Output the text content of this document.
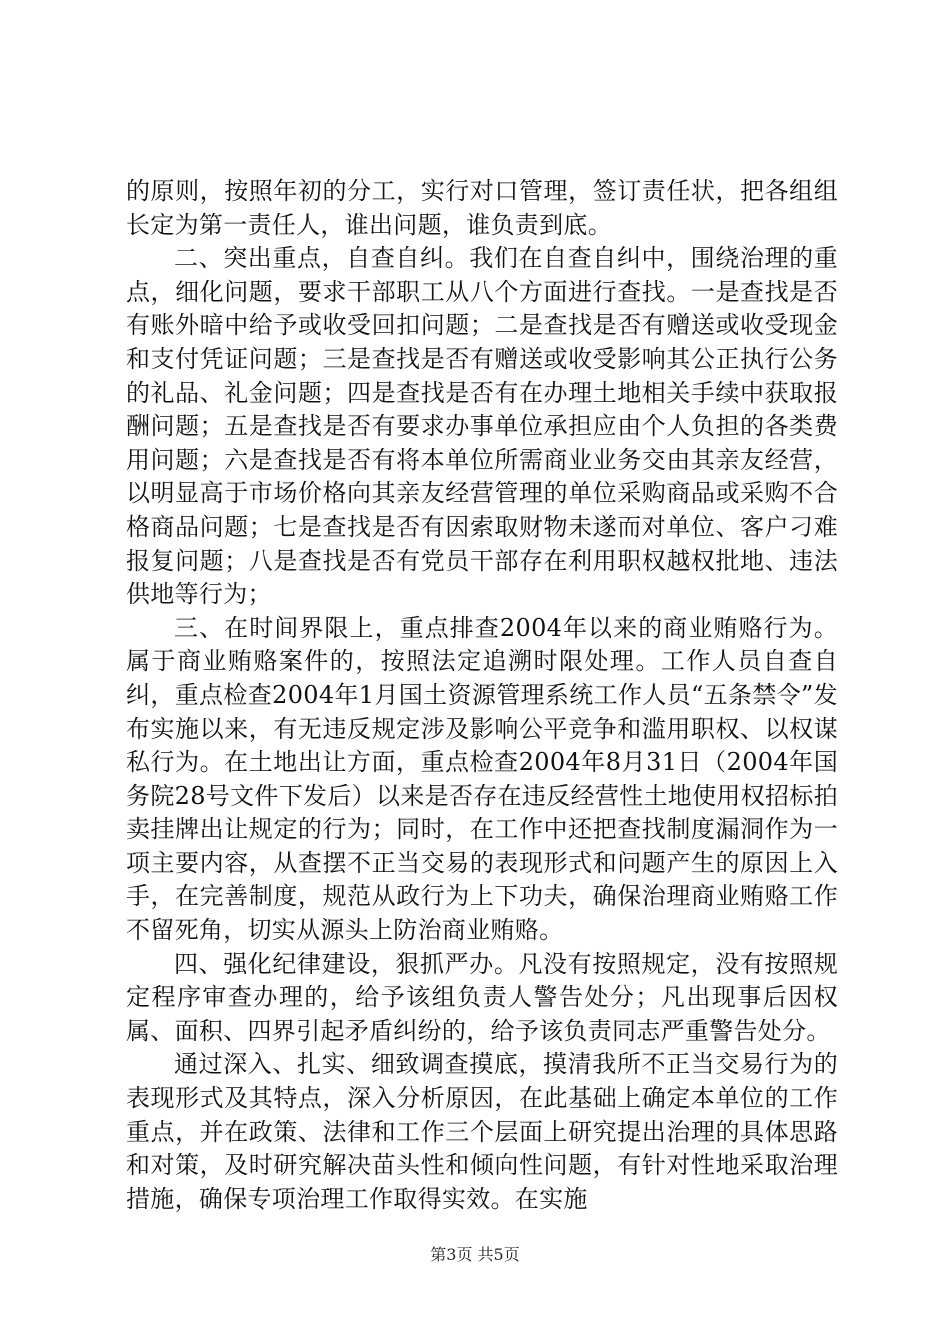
的原则，按照年初的分工，实行对口管理，签订责任状，把各组组长定为第一责任人，谁出问题，谁负责到底。

二、突出重点，自查自纠。我们在自查自纠中，围绕治理的重点，细化问题，要求干部职工从八个方面进行查找。一是查找是否有账外暗中给予或收受回扣问题；二是查找是否有赠送或收受现金和支付凭证问题；三是查找是否有赠送或收受影响其公正执行公务的礼品、礼金问题；四是查找是否有在办理土地相关手续中获取报酬问题；五是查找是否有要求办事单位承担应由个人负担的各类费用问题；六是查找是否有将本单位所需商业业务交由其亲友经营，以明显高于市场价格向其亲友经营管理的单位采购商品或采购不合格商品问题；七是查找是否有因索取财物未遂而对单位、客户刁难报复问题；八是查找是否有党员干部存在利用职权越权批地、违法供地等行为；

三、在时间界限上，重点排查2004年以来的商业贿赂行为。属于商业贿赂案件的，按照法定追溯时限处理。工作人员自查自纠，重点检查2004年1月国土资源管理系统工作人员“五条禁令”发布实施以来，有无违反规定涉及影响公平竞争和滥用职权、以权谋私行为。在土地出让方面，重点检查2004年8月31日（2004年国务院28号文件下发后）以来是否存在违反经营性土地使用权招标拍卖挂牌出让规定的行为；同时，在工作中还把查找制度漏洞作为一项主要内容，从查摆不正当交易的表现形式和问题产生的原因上入手，在完善制度，规范从政行为上下功夫，确保治理商业贿赂工作不留死角，切实从源头上防治商业贿赂。

四、强化纪律建设，狠抓严办。凡没有按照规定，没有按照规定程序审查办理的，给予该组负责人警告处分；凡出现事后因权属、面积、四界引起矛盾纠纷的，给予该负责同志严重警告处分。

通过深入、扎实、细致调查摸底，摸清我所不正当交易行为的表现形式及其特点，深入分析原因，在此基础上确定本单位的工作重点，并在政策、法律和工作三个层面上研究提出治理的具体思路和对策，及时研究解决苗头性和倾向性问题，有针对性地采取治理措施，确保专项治理工作取得实效。在实施

第3页 共5页
